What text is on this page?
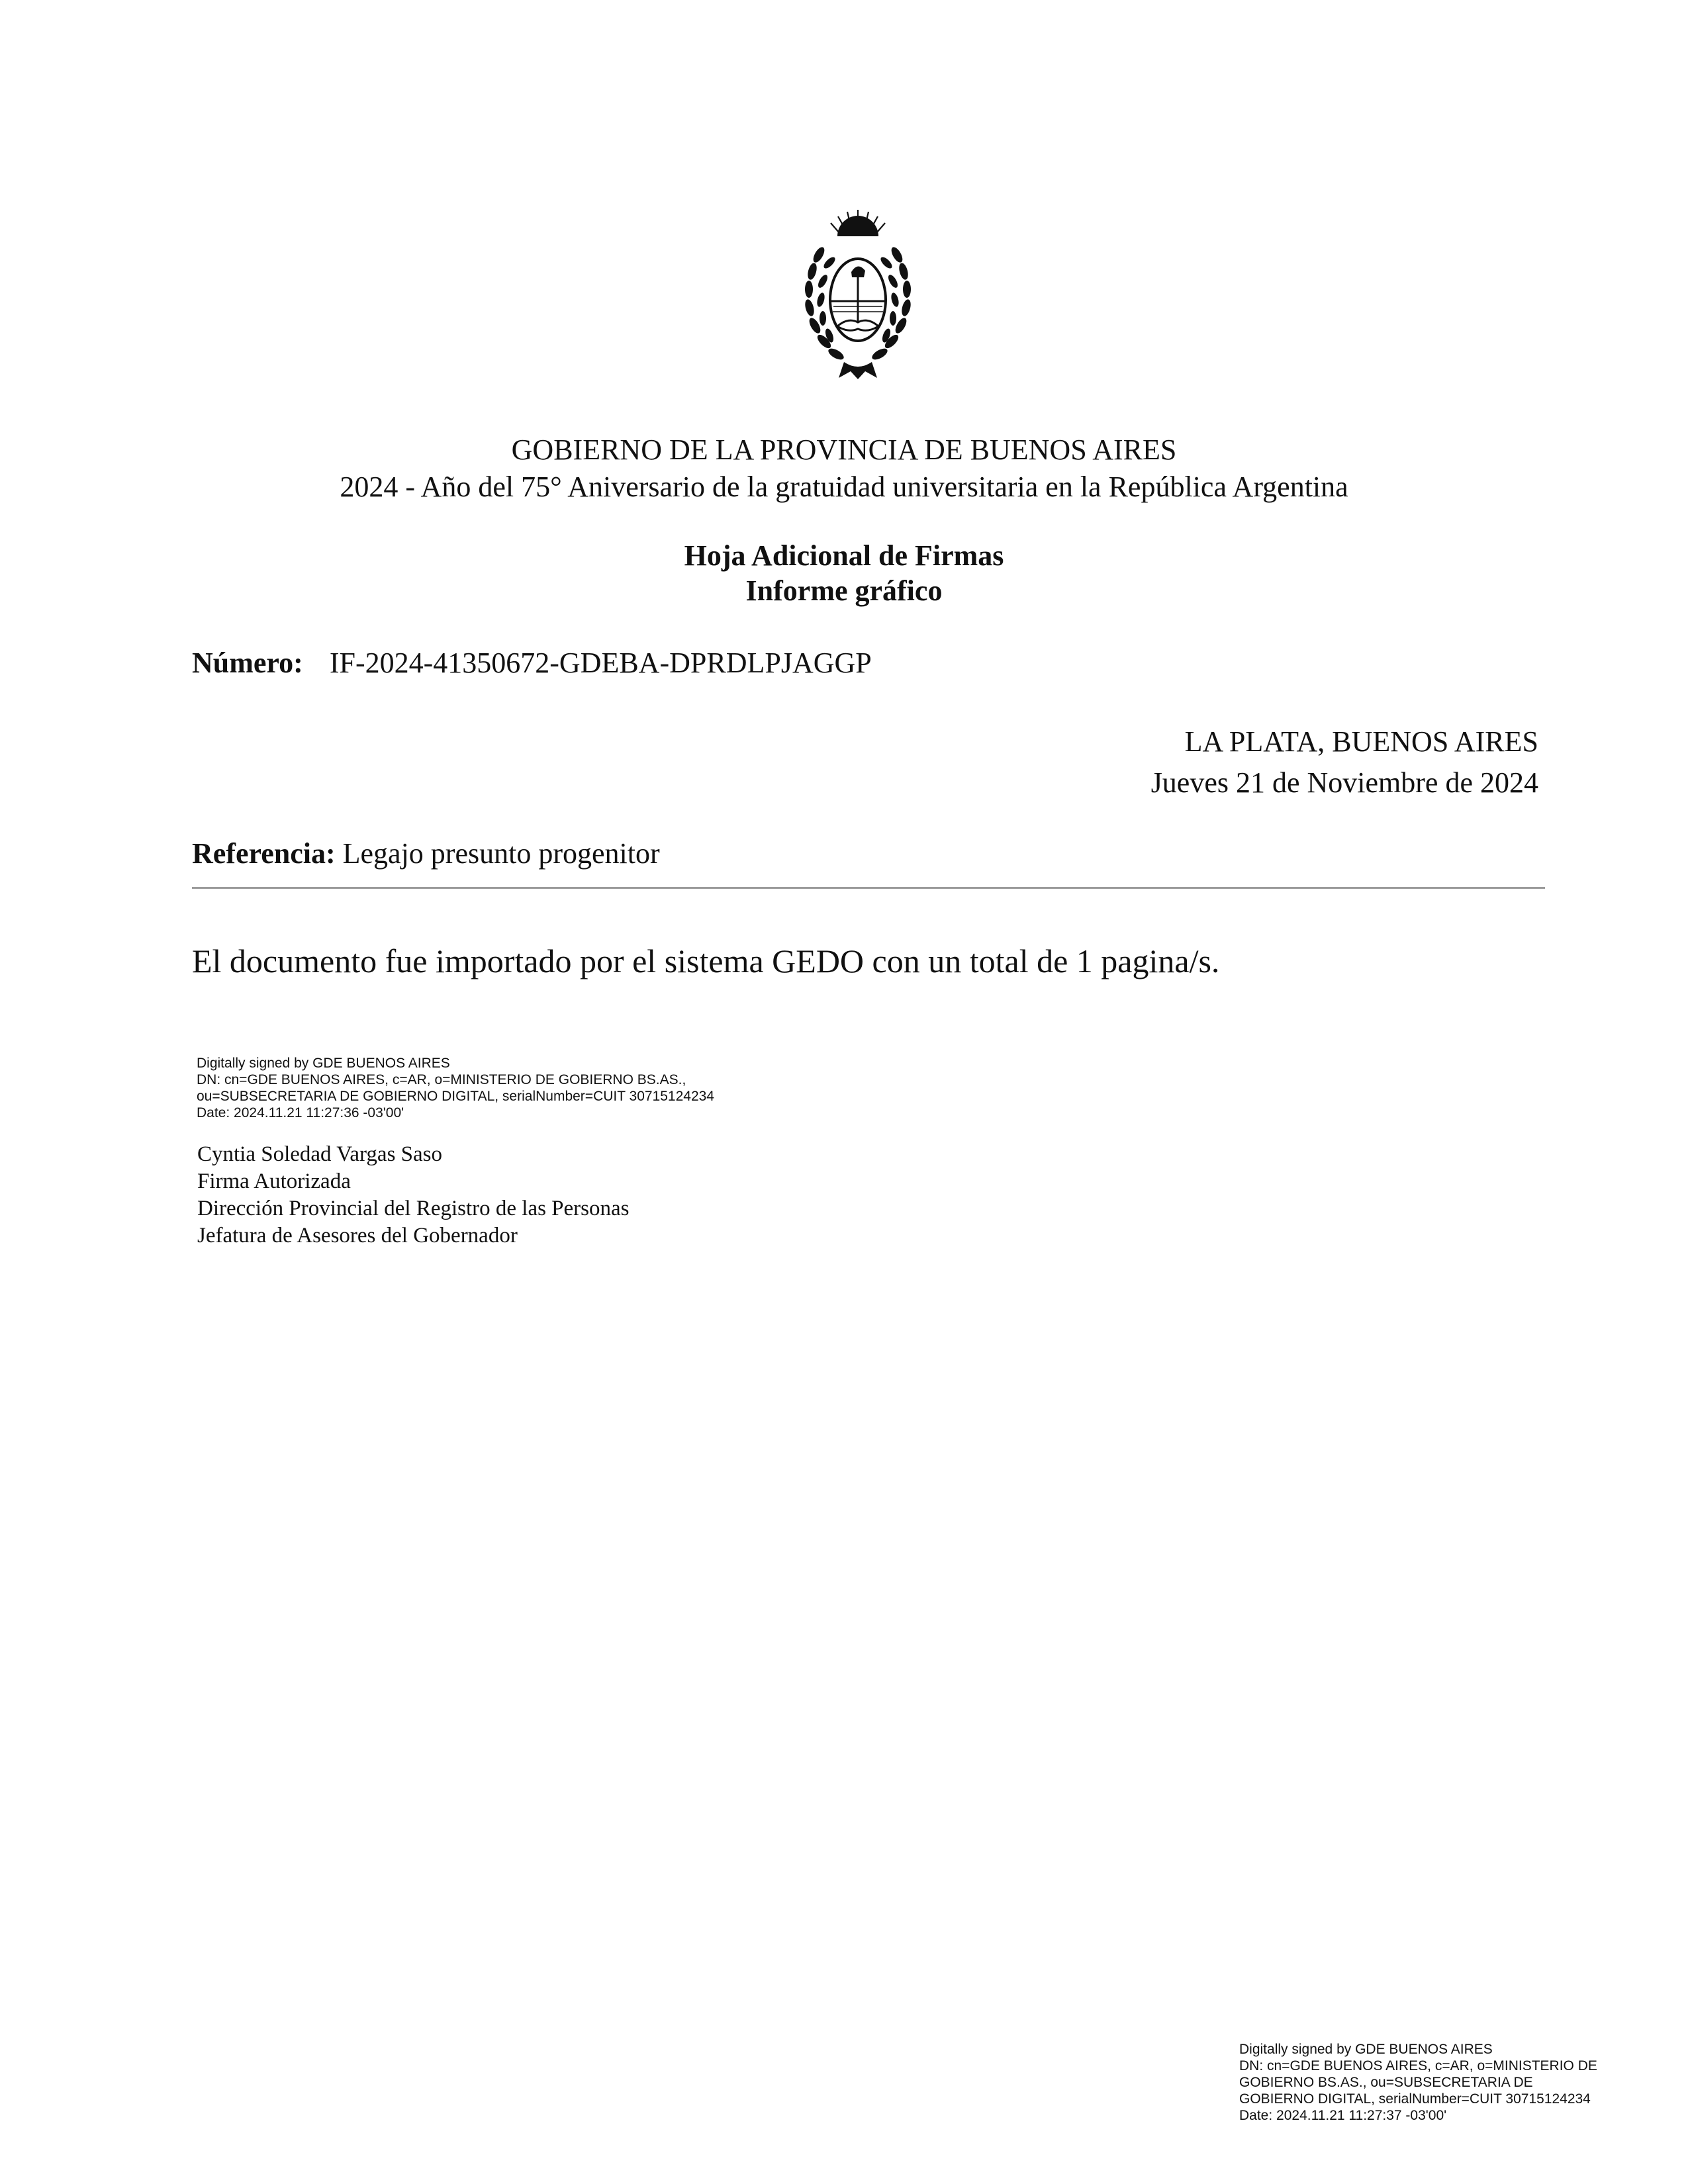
GOBIERNO DE LA PROVINCIA DE BUENOS AIRES
2024 - Año del 75° Aniversario de la gratuidad universitaria en la República Argentina
Hoja Adicional de Firmas
Informe gráfico
Número: IF-2024-41350672-GDEBA-DPRDLPJAGGP
LA PLATA, BUENOS AIRES
Jueves 21 de Noviembre de 2024
Referencia: Legajo presunto progenitor
El documento fue importado por el sistema GEDO con un total de 1 pagina/s.
Digitally signed by GDE BUENOS AIRES
DN: cn=GDE BUENOS AIRES, c=AR, o=MINISTERIO DE GOBIERNO BS.AS.,
ou=SUBSECRETARIA DE GOBIERNO DIGITAL, serialNumber=CUIT 30715124234
Date: 2024.11.21 11:27:36 -03'00'
Cyntia Soledad Vargas Saso
Firma Autorizada
Dirección Provincial del Registro de las Personas
Jefatura de Asesores del Gobernador
Digitally signed by GDE BUENOS AIRES
DN: cn=GDE BUENOS AIRES, c=AR, o=MINISTERIO DE
GOBIERNO BS.AS., ou=SUBSECRETARIA DE
GOBIERNO DIGITAL, serialNumber=CUIT 30715124234
Date: 2024.11.21 11:27:37 -03'00'
